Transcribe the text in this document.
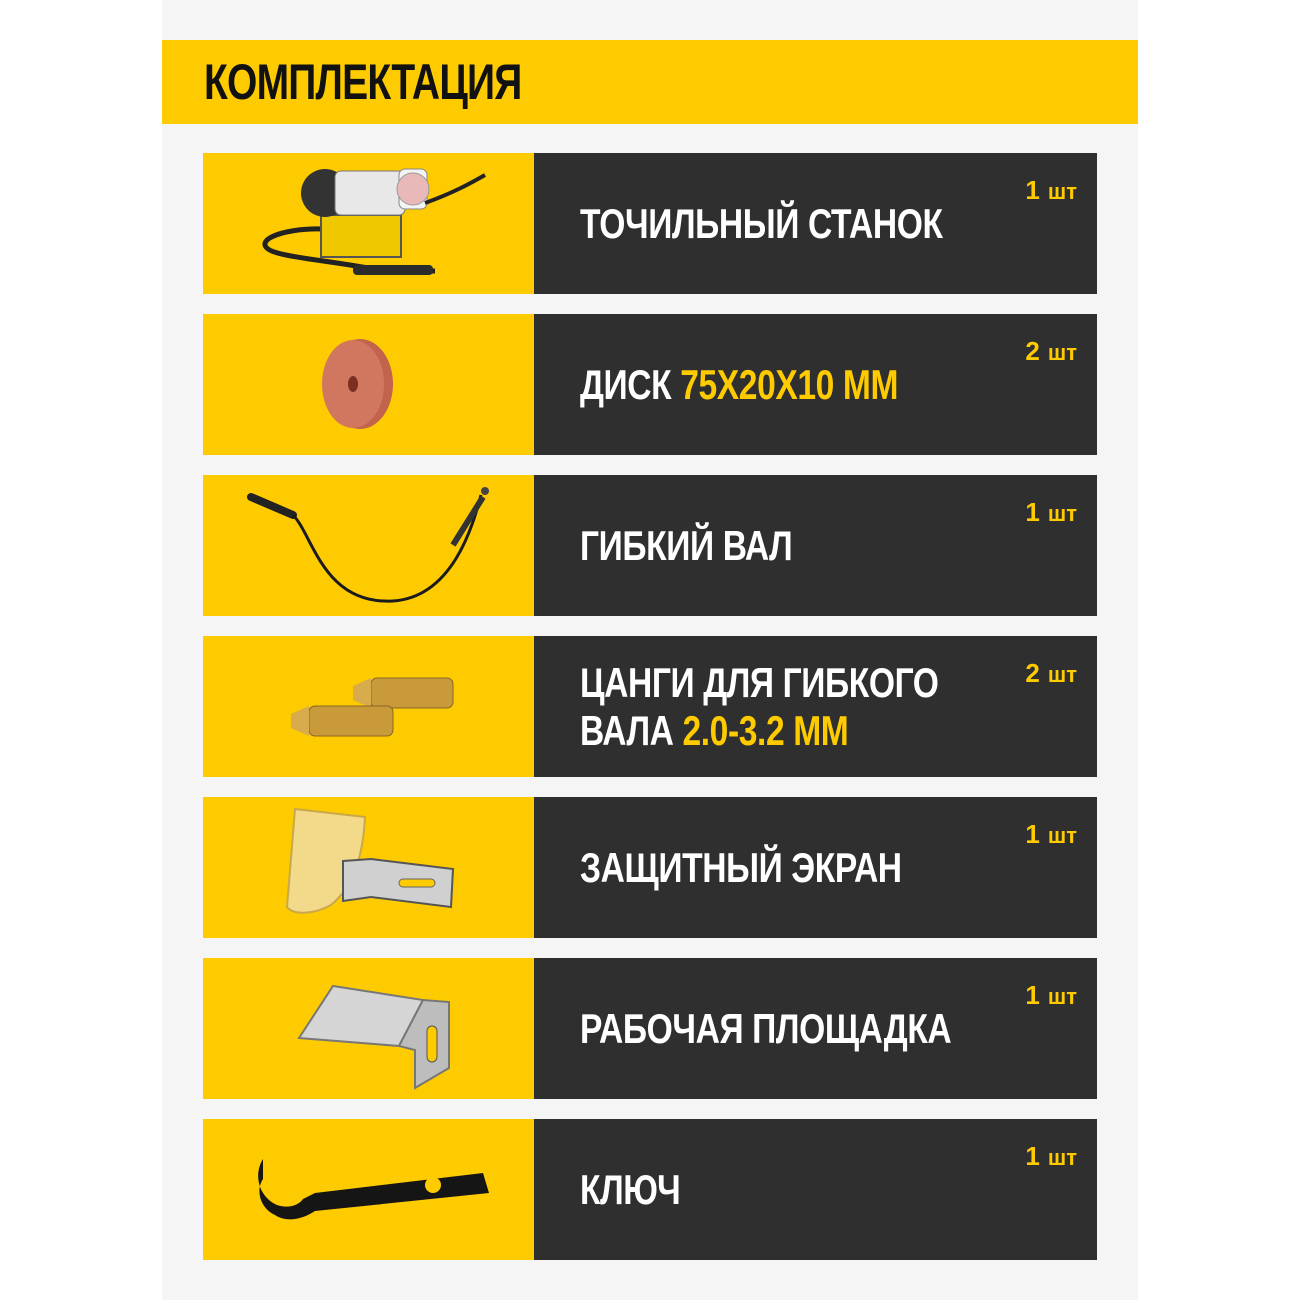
КОМПЛЕКТАЦИЯ
ТОЧИЛЬНЫЙ СТАНОК
1 шт
ДИСК 75Х20Х10 ММ
2 шт
ГИБКИЙ ВАЛ
1 шт
ЦАНГИ ДЛЯ ГИБКОГО
ВАЛА 2.0-3.2 ММ
2 шт
ЗАЩИТНЫЙ ЭКРАН
1 шт
РАБОЧАЯ ПЛОЩАДКА
1 шт
КЛЮЧ
1 шт
